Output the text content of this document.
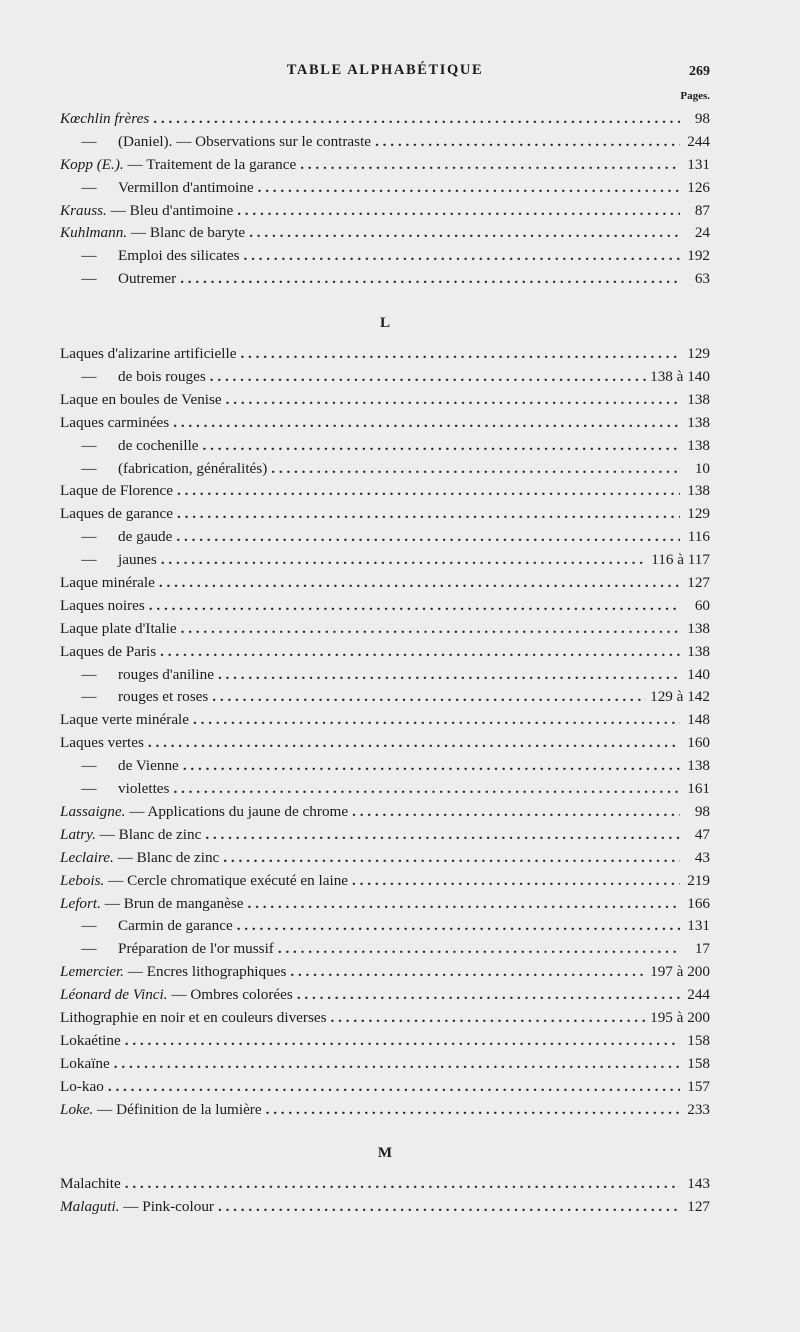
TABLE ALPHABÉTIQUE	269
Pages.
Kœchlin frères . . .	98
— (Daniel). — Observations sur le contraste . . .	244
Kopp (E.). — Traitement de la garance . . .	131
— Vermillon d'antimoine . . .	126
Krauss. — Bleu d'antimoine . . .	87
Kuhlmann. — Blanc de baryte . . .	24
— Emploi des silicates . . .	192
— Outremer . . .	63
L
Laques d'alizarine artificielle . . .	129
— de bois rouges . . .	138 à 140
Laque en boules de Venise . . .	138
Laques carminées . . .	138
— de cochenille . . .	138
— (fabrication, généralités) . . .	10
Laque de Florence . . .	138
Laques de garance . . .	129
— de gaude . . .	116
— jaunes . . .	116 à 117
Laque minérale . . .	127
Laques noires . . .	60
Laque plate d'Italie . . .	138
Laques de Paris . . .	138
— rouges d'aniline . . .	140
— rouges et roses . . .	129 à 142
Laque verte minérale . . .	148
Laques vertes . . .	160
— de Vienne . . .	138
— violettes . . .	161
Lassaigne. — Applications du jaune de chrome . . .	98
Latry. — Blanc de zinc . . .	47
Leclaire. — Blanc de zinc . . .	43
Lebois. — Cercle chromatique exécuté en laine . . .	219
Lefort. — Brun de manganèse . . .	166
— Carmin de garance . . .	131
— Préparation de l'or mussif . . .	17
Lemercier. — Encres lithographiques . . .	197 à 200
Léonard de Vinci. — Ombres colorées . . .	244
Lithographie en noir et en couleurs diverses . . .	195 à 200
Lokaétine . . .	158
Lokaïne . . .	158
Lo-kao . . .	157
Loke. — Définition de la lumière . . .	233
M
Malachite . . .	143
Malaguti. — Pink-colour . . .	127
